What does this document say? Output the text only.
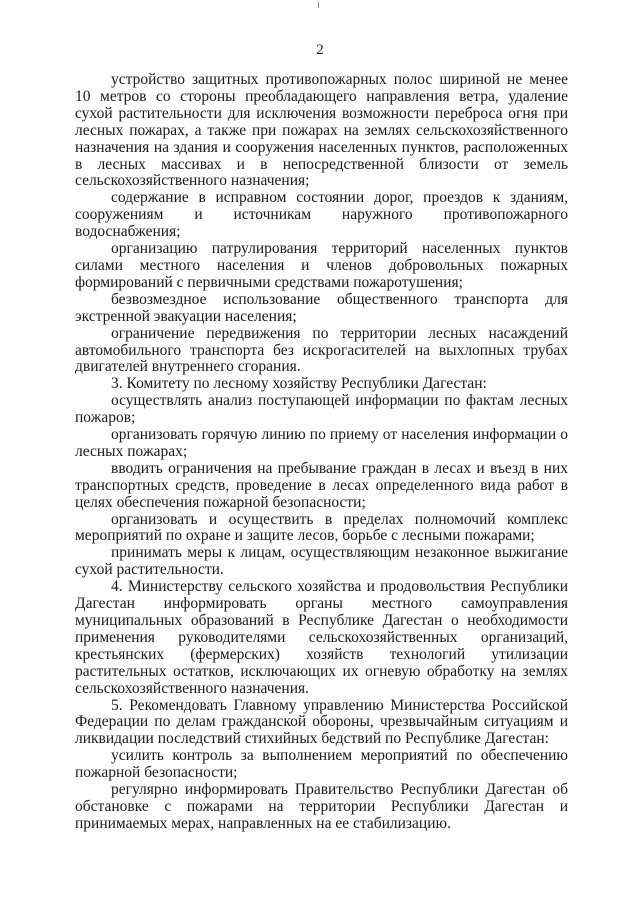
2

устройство защитных противопожарных полос шириной не менее 10 метров со стороны преобладающего направления ветра, удаление сухой растительности для исключения возможности переброса огня при лесных пожарах, а также при пожарах на землях сельскохозяйственного назначения на здания и сооружения населенных пунктов, расположенных в лесных массивах и в непосредственной близости от земель сельскохозяйственного назначения;

содержание в исправном состоянии дорог, проездов к зданиям, сооружениям и источникам наружного противопожарного водоснабжения;

организацию патрулирования территорий населенных пунктов силами местного населения и членов добровольных пожарных формирований с первичными средствами пожаротушения;

безвозмездное использование общественного транспорта для экстренной эвакуации населения;

ограничение передвижения по территории лесных насаждений автомобильного транспорта без искрогасителей на выхлопных трубах двигателей внутреннего сгорания.

3. Комитету по лесному хозяйству Республики Дагестан:

осуществлять анализ поступающей информации по фактам лесных пожаров;

организовать горячую линию по приему от населения информации о лесных пожарах;

вводить ограничения на пребывание граждан в лесах и въезд в них транспортных средств, проведение в лесах определенного вида работ в целях обеспечения пожарной безопасности;

организовать и осуществить в пределах полномочий комплекс мероприятий по охране и защите лесов, борьбе с лесными пожарами;

принимать меры к лицам, осуществляющим незаконное выжигание сухой растительности.

4. Министерству сельского хозяйства и продовольствия Республики Дагестан информировать органы местного самоуправления муниципальных образований в Республике Дагестан о необходимости применения руководителями сельскохозяйственных организаций, крестьянских (фермерских) хозяйств технологий утилизации растительных остатков, исключающих их огневую обработку на землях сельскохозяйственного назначения.

5. Рекомендовать Главному управлению Министерства Российской Федерации по делам гражданской обороны, чрезвычайным ситуациям и ликвидации последствий стихийных бедствий по Республике Дагестан:

усилить контроль за выполнением мероприятий по обеспечению пожарной безопасности;

регулярно информировать Правительство Республики Дагестан об обстановке с пожарами на территории Республики Дагестан и принимаемых мерах, направленных на ее стабилизацию.
